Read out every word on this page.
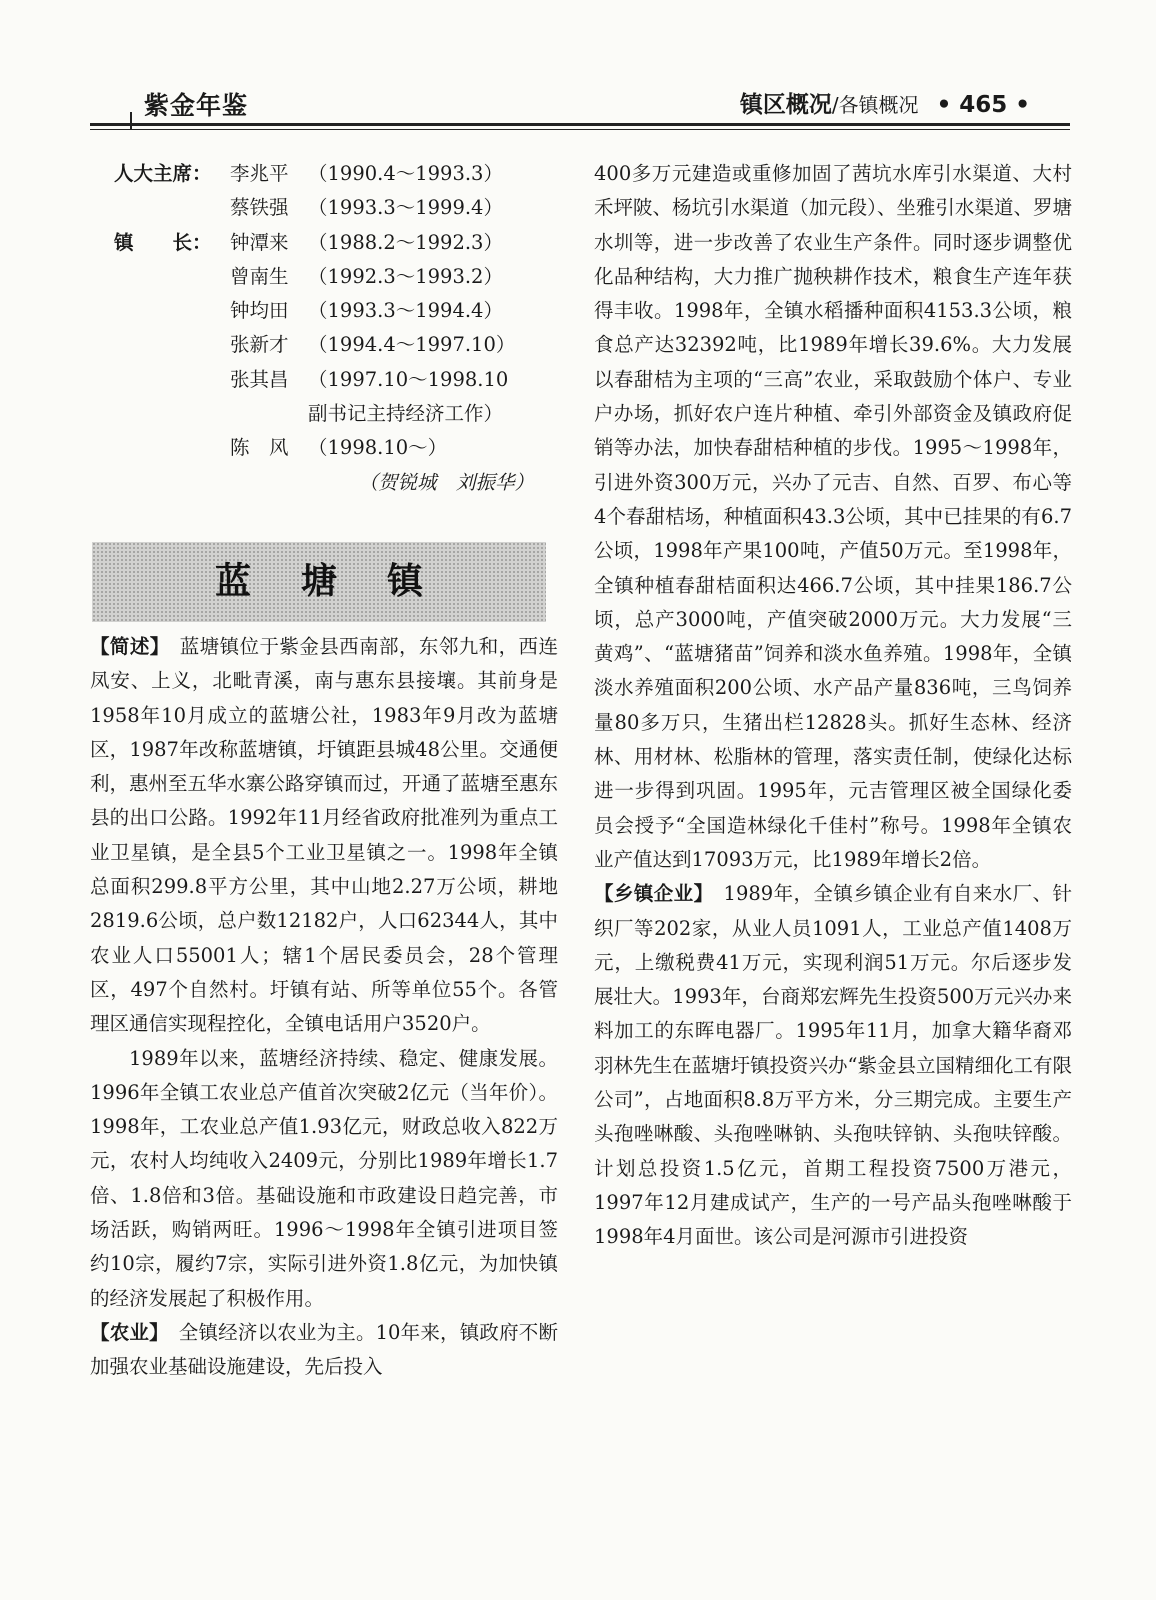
紫金年鉴	镇区概况/各镇概况 • 465 •
人大主席： 李兆平 （1990.4～1993.3）
蔡铁强 （1993.3～1999.4）
镇　　长： 钟潭来 （1988.2～1992.3）
曾南生 （1992.3～1993.2）
钟均田 （1993.3～1994.4）
张新才 （1994.4～1997.10）
张其昌 （1997.10～1998.10
副书记主持经济工作）
陈　风 （1998.10～）
（贺锐城　刘振华）
蓝塘镇

【简述】 蓝塘镇位于紫金县西南部，东邻九和，西连凤安、上义，北毗青溪，南与惠东县接壤。其前身是1958年10月成立的蓝塘公社，1983年9月改为蓝塘区，1987年改称蓝塘镇，圩镇距县城48公里。交通便利，惠州至五华水寨公路穿镇而过，开通了蓝塘至惠东县的出口公路。1992年11月经省政府批准列为重点工业卫星镇，是全县5个工业卫星镇之一。1998年全镇总面积299.8平方公里，其中山地2.27万公顷，耕地2819.6公顷，总户数12182户，人口62344人，其中农业人口55001人；辖1个居民委员会，28个管理区，497个自然村。圩镇有站、所等单位55个。各管理区通信实现程控化，全镇电话用户3520户。

1989年以来，蓝塘经济持续、稳定、健康发展。1996年全镇工农业总产值首次突破2亿元（当年价）。1998年，工农业总产值1.93亿元，财政总收入822万元，农村人均纯收入2409元，分别比1989年增长1.7倍、1.8倍和3倍。基础设施和市政建设日趋完善，市场活跃，购销两旺。1996～1998年全镇引进项目签约10宗，履约7宗，实际引进外资1.8亿元，为加快镇的经济发展起了积极作用。

【农业】 全镇经济以农业为主。10年来，镇政府不断加强农业基础设施建设，先后投入

400多万元建造或重修加固了茜坑水库引水渠道、大村禾坪陂、杨坑引水渠道（加元段）、坐雅引水渠道、罗塘水圳等，进一步改善了农业生产条件。同时逐步调整优化品种结构，大力推广抛秧耕作技术，粮食生产连年获得丰收。1998年，全镇水稻播种面积4153.3公顷，粮食总产达32392吨，比1989年增长39.6%。大力发展以春甜桔为主项的“三高”农业，采取鼓励个体户、专业户办场，抓好农户连片种植、牵引外部资金及镇政府促销等办法，加快春甜桔种植的步伐。1995～1998年，引进外资300万元，兴办了元吉、自然、百罗、布心等4个春甜桔场，种植面积43.3公顷，其中已挂果的有6.7公顷，1998年产果100吨，产值50万元。至1998年，全镇种植春甜桔面积达466.7公顷，其中挂果186.7公顷，总产3000吨，产值突破2000万元。大力发展“三黄鸡”、“蓝塘猪苗”饲养和淡水鱼养殖。1998年，全镇淡水养殖面积200公顷、水产品产量836吨，三鸟饲养量80多万只，生猪出栏12828头。抓好生态林、经济林、用材林、松脂林的管理，落实责任制，使绿化达标进一步得到巩固。1995年，元吉管理区被全国绿化委员会授予“全国造林绿化千佳村”称号。1998年全镇农业产值达到17093万元，比1989年增长2倍。

【乡镇企业】 1989年，全镇乡镇企业有自来水厂、针织厂等202家，从业人员1091人，工业总产值1408万元，上缴税费41万元，实现利润51万元。尔后逐步发展壮大。1993年，台商郑宏辉先生投资500万元兴办来料加工的东晖电器厂。1995年11月，加拿大籍华裔邓羽林先生在蓝塘圩镇投资兴办“紫金县立国精细化工有限公司”，占地面积8.8万平方米，分三期完成。主要生产头孢唑啉酸、头孢唑啉钠、头孢呋锌钠、头孢呋锌酸。计划总投资1.5亿元，首期工程投资7500万港元，1997年12月建成试产，生产的一号产品头孢唑啉酸于1998年4月面世。该公司是河源市引进投资
